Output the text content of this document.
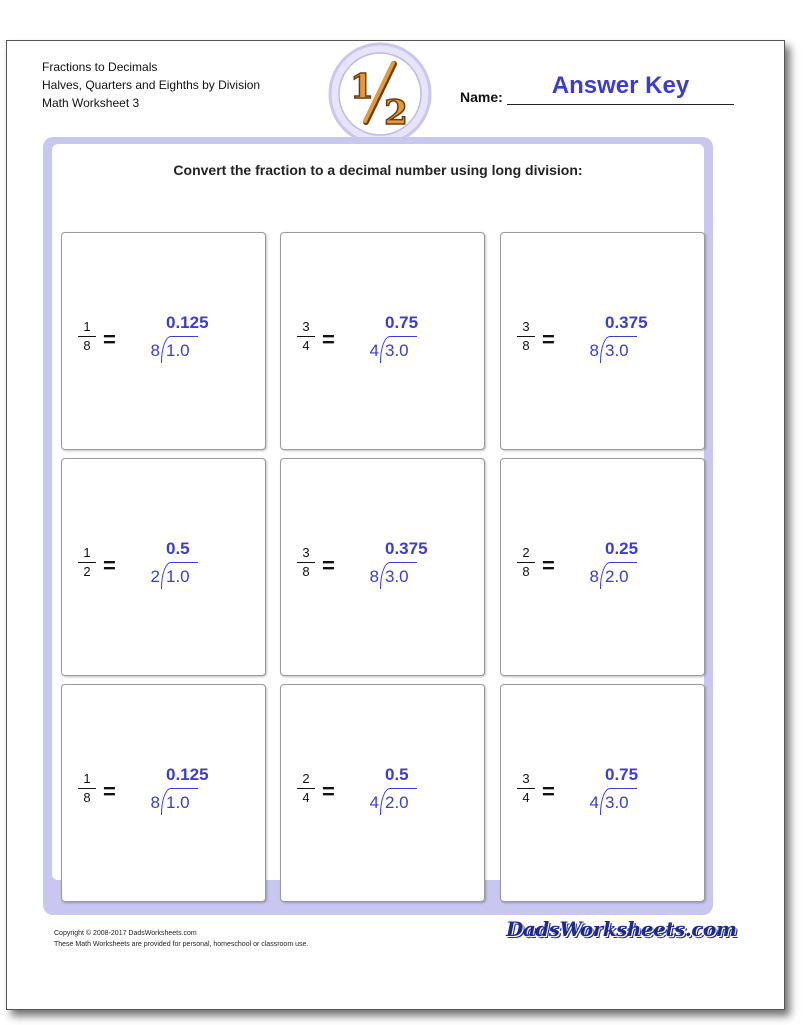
Fractions to Decimals
Halves, Quarters and Eighths by Division
Math Worksheet 3	1
2	Name:	Answer Key
Convert the fraction to a decimal number using long division:
1
8 =
0.125
8 1.0
3
4 =
0.75
4 3.0
3
8 =
0.375
8 3.0
1
2 =
0.5
2 1.0
3
8 =
0.375
8 3.0
2
8 =
0.25
8 2.0
1
8 =
0.125
8 1.0
2
4 =
0.5
4 2.0
3
4 =
0.75
4 3.0
Copyright © 2008-2017 DadsWorksheets.com
These Math Worksheets are provided for personal, homeschool or classroom use.
DadsWorksheets.com
